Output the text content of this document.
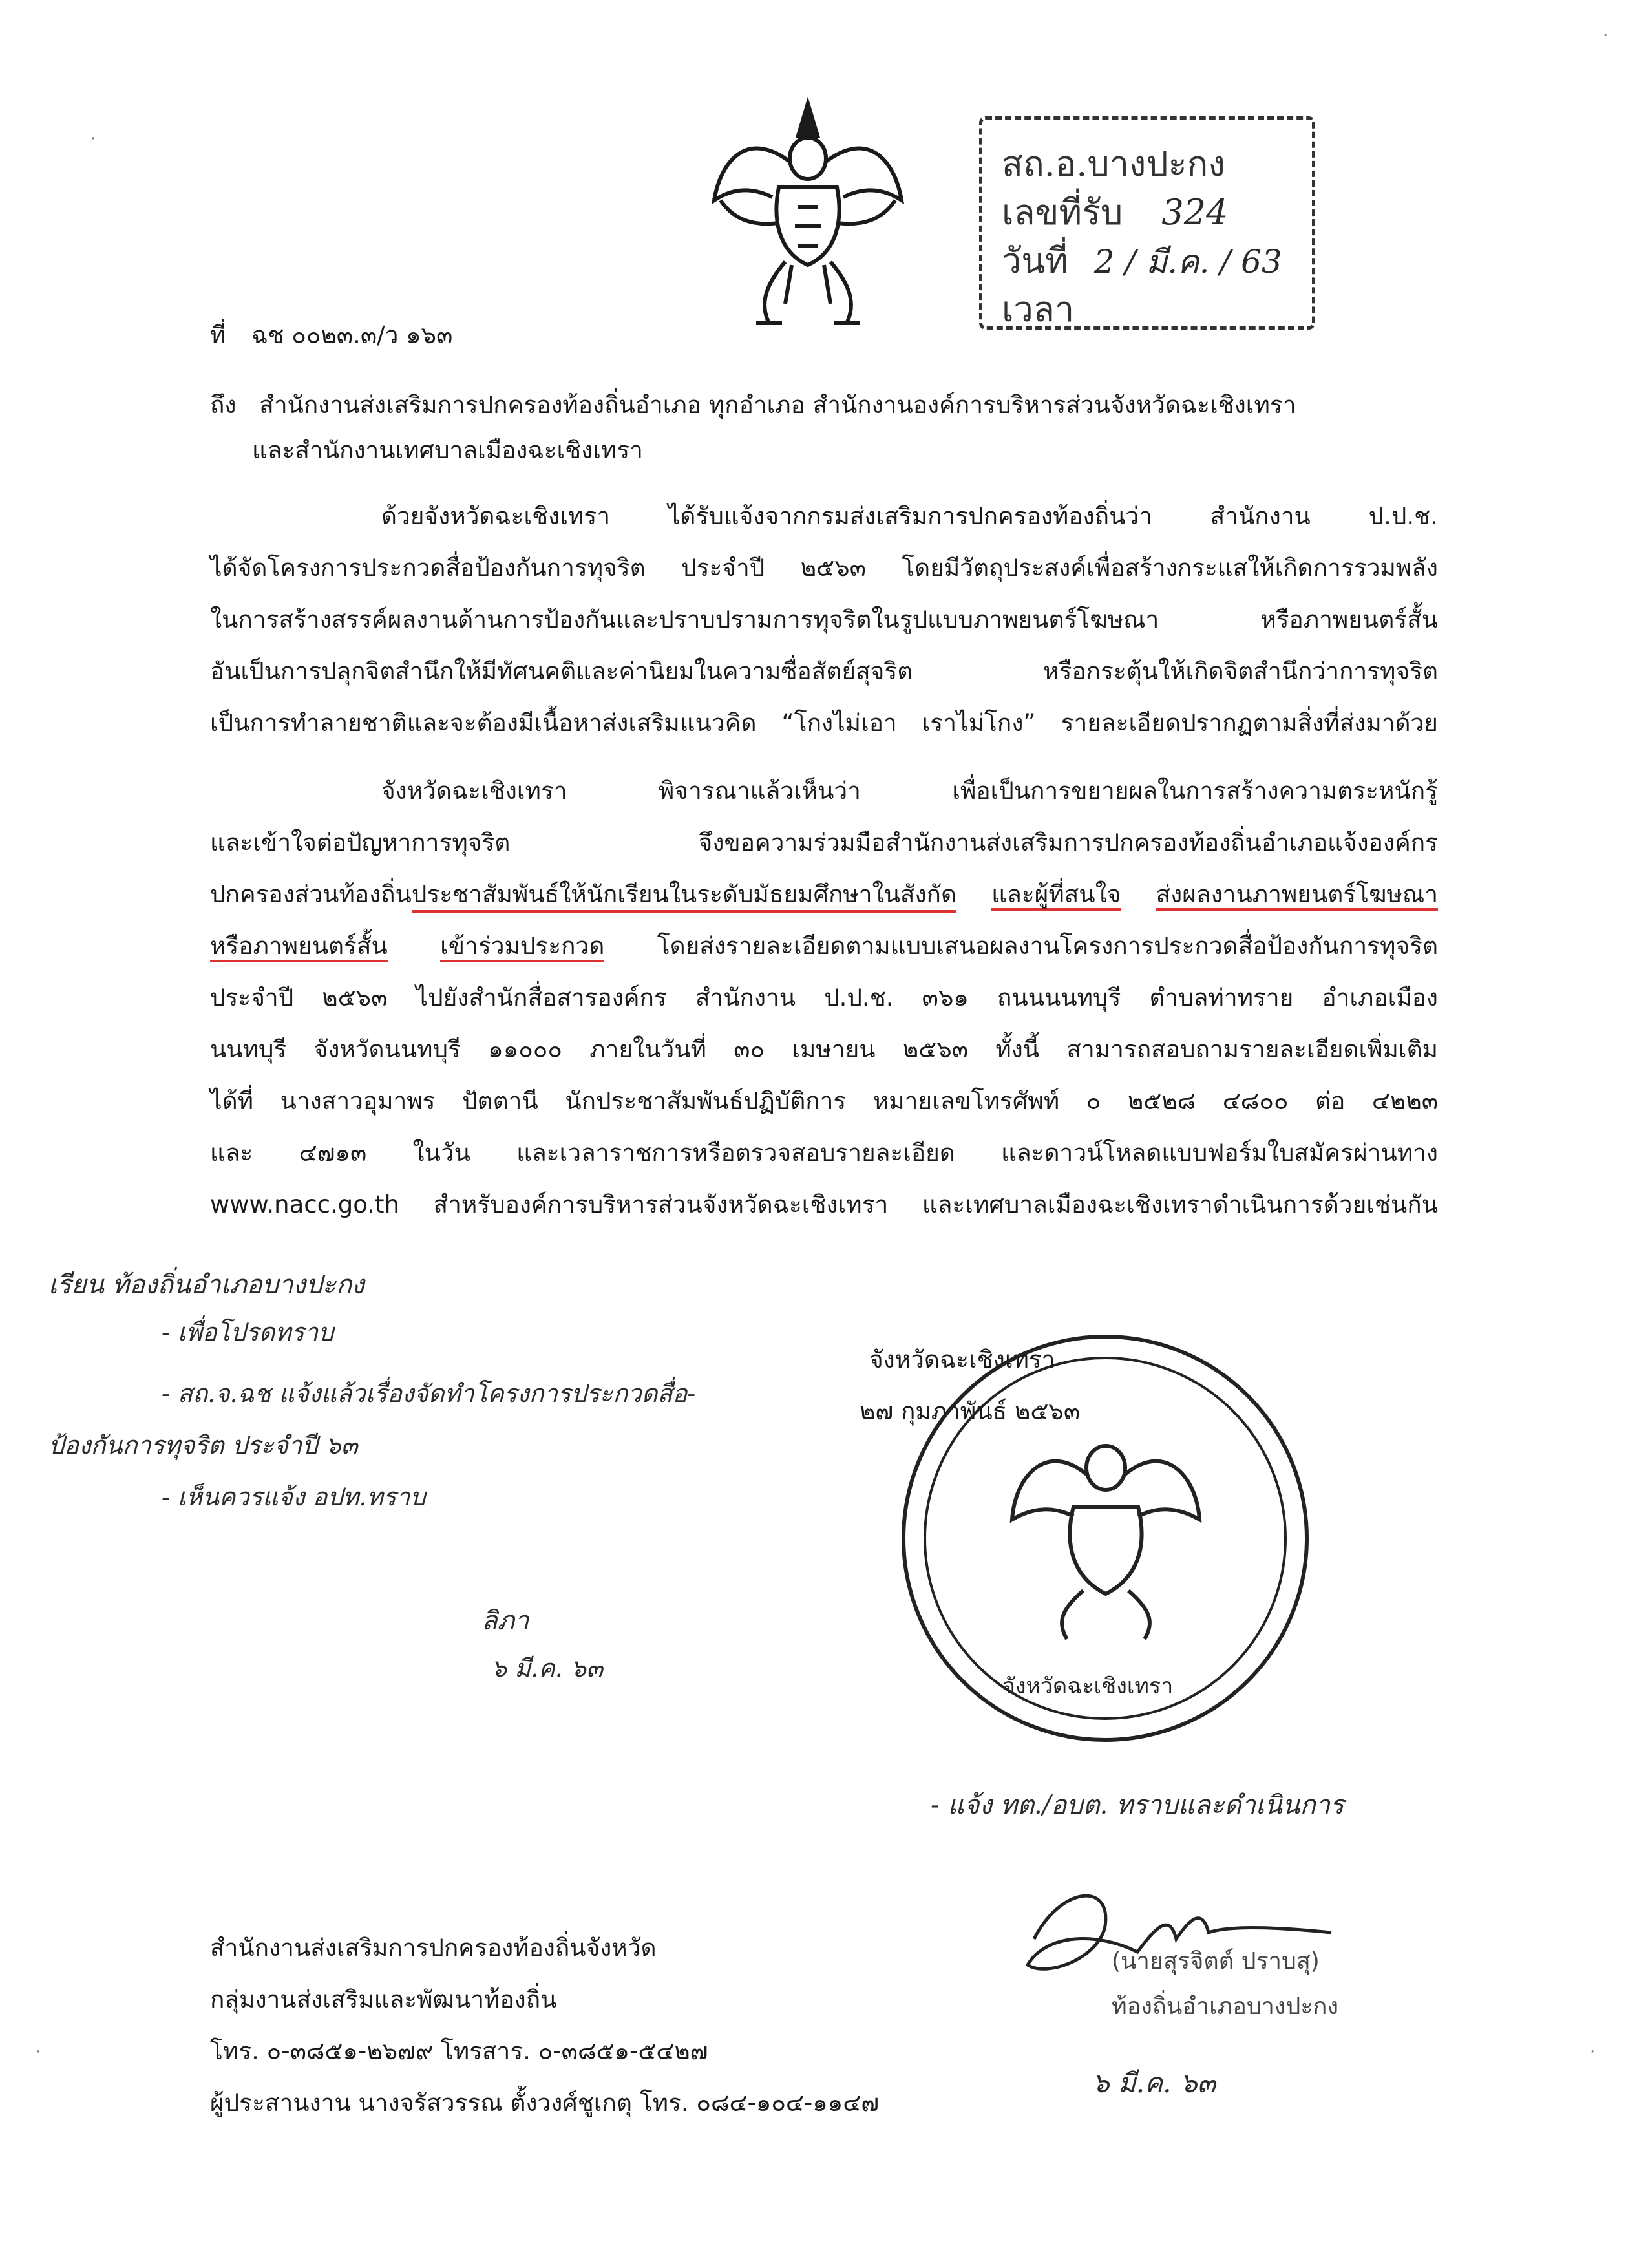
สถ.อ.บางปะกง
เลขที่รับ 324
วันที่ 2 / มี.ค. / 63
เวลา
ที่ ฉช ๐๐๒๓.๓/ว ๑๖๓
ถึง สำนักงานส่งเสริมการปกครองท้องถิ่นอำเภอ ทุกอำเภอ สำนักงานองค์การบริหารส่วนจังหวัดฉะเชิงเทรา
และสำนักงานเทศบาลเมืองฉะเชิงเทรา
ด้วยจังหวัดฉะเชิงเทรา ได้รับแจ้งจากกรมส่งเสริมการปกครองท้องถิ่นว่า สำนักงาน ป.ป.ช.
ได้จัดโครงการประกวดสื่อป้องกันการทุจริต ประจำปี ๒๕๖๓ โดยมีวัตถุประสงค์เพื่อสร้างกระแสให้เกิดการรวมพลัง
ในการสร้างสรรค์ผลงานด้านการป้องกันและปราบปรามการทุจริตในรูปแบบภาพยนตร์โฆษณา หรือภาพยนตร์สั้น
อันเป็นการปลุกจิตสำนึกให้มีทัศนคติและค่านิยมในความซื่อสัตย์สุจริต หรือกระตุ้นให้เกิดจิตสำนึกว่าการทุจริต
เป็นการทำลายชาติและจะต้องมีเนื้อหาส่งเสริมแนวคิด “โกงไม่เอา เราไม่โกง” รายละเอียดปรากฏตามสิ่งที่ส่งมาด้วย
จังหวัดฉะเชิงเทรา พิจารณาแล้วเห็นว่า เพื่อเป็นการขยายผลในการสร้างความตระหนักรู้
และเข้าใจต่อปัญหาการทุจริต จึงขอความร่วมมือสำนักงานส่งเสริมการปกครองท้องถิ่นอำเภอแจ้งองค์กร
ปกครองส่วนท้องถิ่นประชาสัมพันธ์ให้นักเรียนในระดับมัธยมศึกษาในสังกัด และผู้ที่สนใจ ส่งผลงานภาพยนตร์โฆษณา
หรือภาพยนตร์สั้น เข้าร่วมประกวด โดยส่งรายละเอียดตามแบบเสนอผลงานโครงการประกวดสื่อป้องกันการทุจริต
ประจำปี ๒๕๖๓ ไปยังสำนักสื่อสารองค์กร สำนักงาน ป.ป.ช. ๓๖๑ ถนนนนทบุรี ตำบลท่าทราย อำเภอเมือง
นนทบุรี จังหวัดนนทบุรี ๑๑๐๐๐ ภายในวันที่ ๓๐ เมษายน ๒๕๖๓ ทั้งนี้ สามารถสอบถามรายละเอียดเพิ่มเติม
ได้ที่ นางสาวอุมาพร ปัตตานี นักประชาสัมพันธ์ปฏิบัติการ หมายเลขโทรศัพท์ ๐ ๒๕๒๘ ๔๘๐๐ ต่อ ๔๒๒๓
และ ๔๗๑๓ ในวัน และเวลาราชการหรือตรวจสอบรายละเอียด และดาวน์โหลดแบบฟอร์มใบสมัครผ่านทาง
www.nacc.go.th สำหรับองค์การบริหารส่วนจังหวัดฉะเชิงเทรา และเทศบาลเมืองฉะเชิงเทราดำเนินการด้วยเช่นกัน
จังหวัดฉะเชิงเทรา
๒๗ กุมภาพันธ์ ๒๕๖๓
จังหวัดฉะเชิงเทรา
เรียน ท้องถิ่นอำเภอบางปะกง
- เพื่อโปรดทราบ
- สถ.จ.ฉช แจ้งแล้วเรื่องจัดทำโครงการประกวดสื่อ-
ป้องกันการทุจริต ประจำปี ๖๓
- เห็นควรแจ้ง อปท.ทราบ
ลิภา
๖ มี.ค. ๖๓
- แจ้ง ทต./อบต. ทราบและดำเนินการ
(นายสุรจิตต์ ปราบสุ)
ท้องถิ่นอำเภอบางปะกง
๖ มี.ค. ๖๓
สำนักงานส่งเสริมการปกครองท้องถิ่นจังหวัด
กลุ่มงานส่งเสริมและพัฒนาท้องถิ่น
โทร. ๐-๓๘๕๑-๒๖๗๙ โทรสาร. ๐-๓๘๕๑-๕๔๒๗
ผู้ประสานงาน นางจรัสวรรณ ตั้งวงศ์ชูเกตุ โทร. ๐๘๔-๑๐๔-๑๑๔๗
·
·
·	·
